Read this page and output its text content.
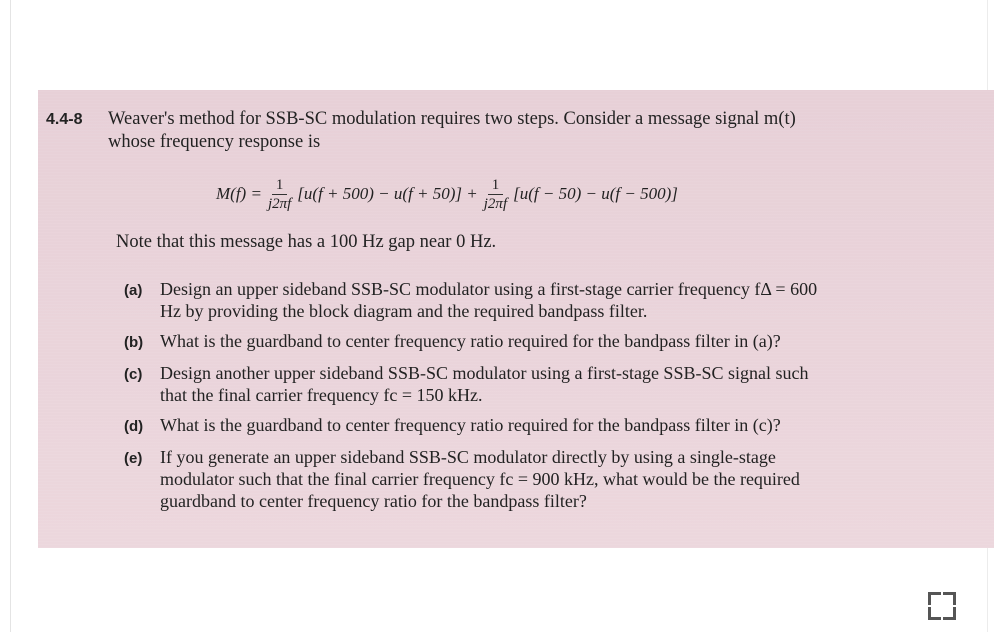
4.4-8 Weaver's method for SSB-SC modulation requires two steps. Consider a message signal m(t)
whose frequency response is
$M(f) = \frac{1}{j2\pi f} [u(f + 500) - u(f + 50)] + \frac{1}{j2\pi f} [u(f - 50) - u(f - 500)]$
Note that this message has a 100 Hz gap near 0 Hz.
(a) Design an upper sideband SSB-SC modulator using a first-stage carrier frequency fΔ = 600
Hz by providing the block diagram and the required bandpass filter.
(b) What is the guardband to center frequency ratio required for the bandpass filter in (a)?
(c) Design another upper sideband SSB-SC modulator using a first-stage SSB-SC signal such
that the final carrier frequency fc = 150 kHz.
(d) What is the guardband to center frequency ratio required for the bandpass filter in (c)?
(e) If you generate an upper sideband SSB-SC modulator directly by using a single-stage
modulator such that the final carrier frequency fc = 900 kHz, what would be the required
guardband to center frequency ratio for the bandpass filter?
